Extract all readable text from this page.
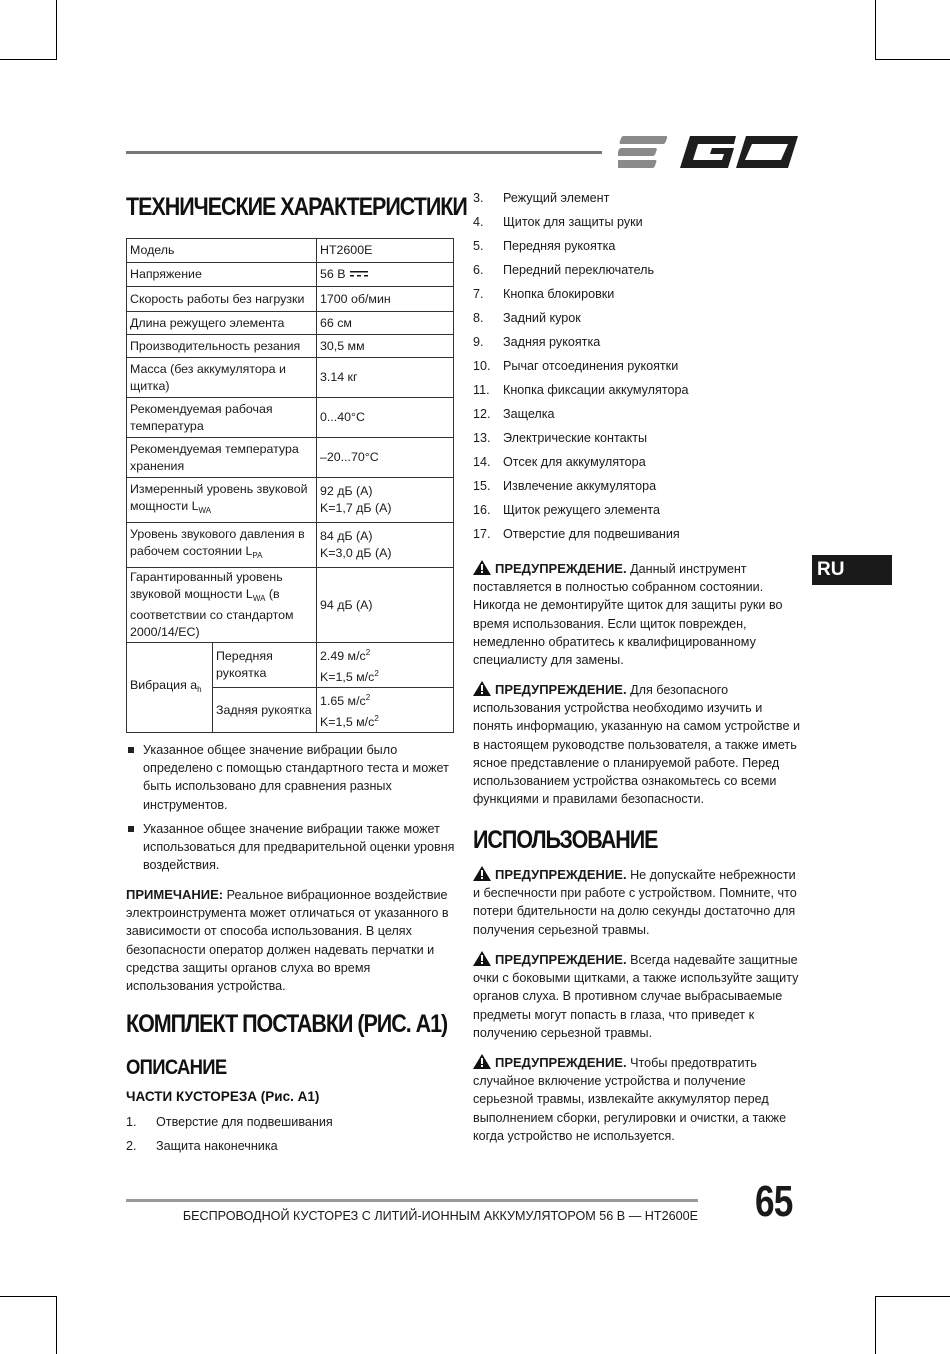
ТЕХНИЧЕСКИЕ ХАРАКТЕРИСТИКИ
Модель		HT2600E
Напряжение		56 В
Скорость работы без нагрузки		1700 об/мин
Длина режущего элемента		66 см
Производительность резания		30,5 мм
Масса (без аккумулятора и щитка)		3.14 кг
Рекомендуемая рабочая температура		0...40°C
Рекомендуемая температура хранения		–20...70°C
Измеренный уровень звуковой мощности $L_{WA}$		92 дБ (A)
K=1,7 дБ (A)
Уровень звукового давления в рабочем состоянии $L_{PA}$		84 дБ (A)
K=3,0 дБ (A)
Гарантированный уровень звуковой мощности $L_{WA}$ (в соответствии со стандартом 2000/14/EC)		94 дБ (A)
Вибрация $a_h$	Передняя рукоятка	2.49 $м/с^2$
K=1,5 $м/с^2$
	Задняя рукоятка	1.65 $м/с^2$
K=1,5 $м/с^2$
Указанное общее значение вибрации было определено с помощью стандартного теста и может быть использовано для сравнения разных инструментов.
Указанное общее значение вибрации также может использоваться для предварительной оценки уровня воздействия.
ПРИМЕЧАНИЕ: Реальное вибрационное воздействие электроинструмента может отличаться от указанного в зависимости от способа использования. В целях безопасности оператор должен надевать перчатки и средства защиты органов слуха во время использования устройства.
КОМПЛЕКТ ПОСТАВКИ (РИС. A1)
ОПИСАНИЕ
ЧАСТИ КУСТОРЕЗА (Рис. A1)
1. Отверстие для подвешивания
2. Защита наконечника
3. Режущий элемент
4. Щиток для защиты руки
5. Передняя рукоятка
6. Передний переключатель
7. Кнопка блокировки
8. Задний курок
9. Задняя рукоятка
10. Рычаг отсоединения рукоятки
11. Кнопка фиксации аккумулятора
12. Защелка
13. Электрические контакты
14. Отсек для аккумулятора
15. Извлечение аккумулятора
16. Щиток режущего элемента
17. Отверстие для подвешивания
RU
ПРЕДУПРЕЖДЕНИЕ. Данный инструмент поставляется в полностью собранном состоянии. Никогда не демонтируйте щиток для защиты руки во время использования. Если щиток поврежден, немедленно обратитесь к квалифицированному специалисту для замены.
ПРЕДУПРЕЖДЕНИЕ. Для безопасного использования устройства необходимо изучить и понять информацию, указанную на самом устройстве и в настоящем руководстве пользователя, а также иметь ясное представление о планируемой работе. Перед использованием устройства ознакомьтесь со всеми функциями и правилами безопасности.
ИСПОЛЬЗОВАНИЕ
ПРЕДУПРЕЖДЕНИЕ. Не допускайте небрежности и беспечности при работе с устройством. Помните, что потери бдительности на долю секунды достаточно для получения серьезной травмы.
ПРЕДУПРЕЖДЕНИЕ. Всегда надевайте защитные очки с боковыми щитками, а также используйте защиту органов слуха. В противном случае выбрасываемые предметы могут попасть в глаза, что приведет к получению серьезной травмы.
ПРЕДУПРЕЖДЕНИЕ. Чтобы предотвратить случайное включение устройства и получение серьезной травмы, извлекайте аккумулятор перед выполнением сборки, регулировки и очистки, а также когда устройство не используется.
БЕСПРОВОДНОЙ КУСТОРЕЗ С ЛИТИЙ-ИОННЫМ АККУМУЛЯТОРОМ 56 В — HT2600E 65
